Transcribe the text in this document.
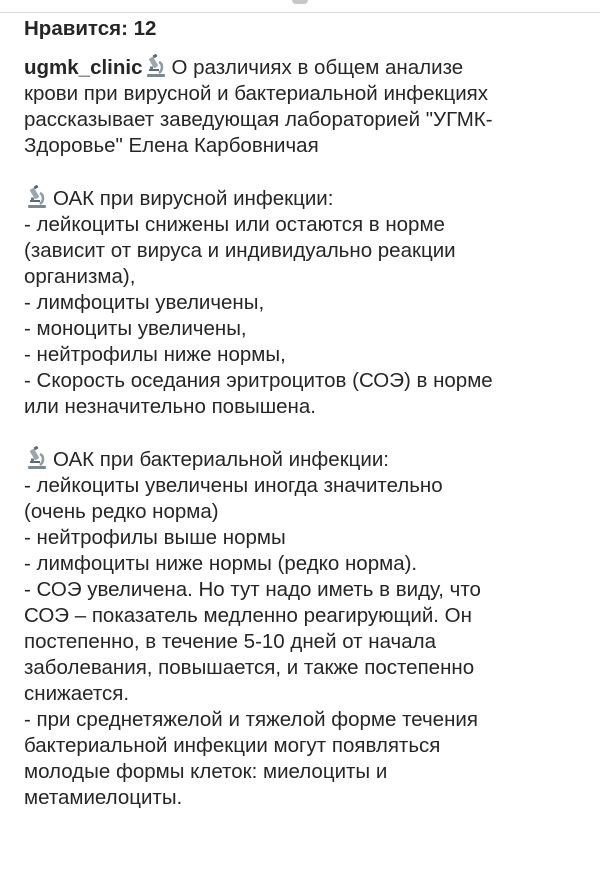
Нравится: 12
ugmk_clinic О различиях в общем анализе
крови при вирусной и бактериальной инфекциях
рассказывает заведующая лабораторией "УГМК-
Здоровье" Елена Карбовничая
ОАК при вирусной инфекции:
- лейкоциты снижены или остаются в норме
(зависит от вируса и индивидуально реакции
организма),
- лимфоциты увеличены,
- моноциты увеличены,
- нейтрофилы ниже нормы,
- Скорость оседания эритроцитов (СОЭ) в норме
или незначительно повышена.
ОАК при бактериальной инфекции:
- лейкоциты увеличены иногда значительно
(очень редко норма)
- нейтрофилы выше нормы
- лимфоциты ниже нормы (редко норма).
- СОЭ увеличена. Но тут надо иметь в виду, что
СОЭ – показатель медленно реагирующий. Он
постепенно, в течение 5-10 дней от начала
заболевания, повышается, и также постепенно
снижается.
- при среднетяжелой и тяжелой форме течения
бактериальной инфекции могут появляться
молодые формы клеток: миелоциты и
метамиелоциты.
